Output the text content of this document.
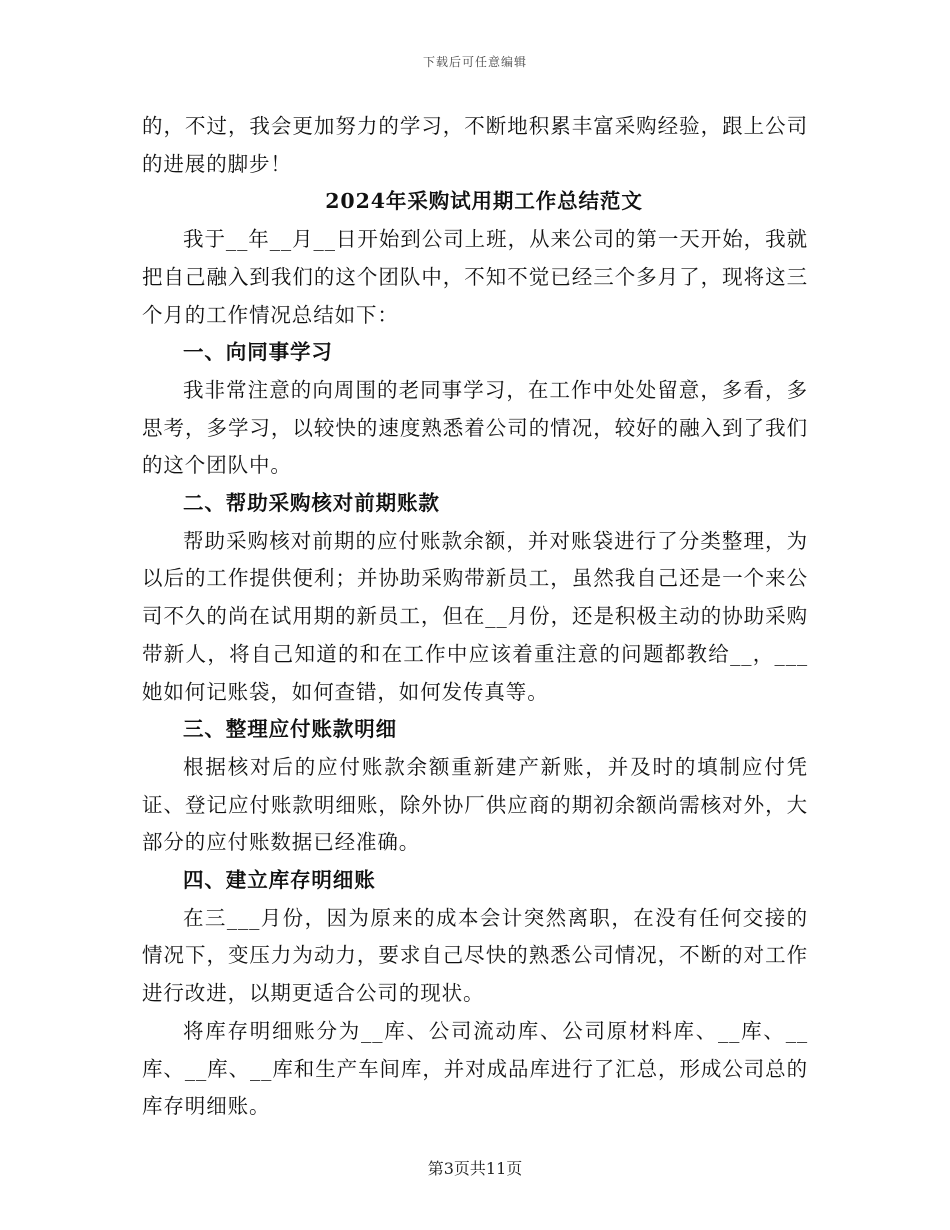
下载后可任意编辑

的，不过，我会更加努力的学习，不断地积累丰富采购经验，跟上公司的进展的脚步！

2024年采购试用期工作总结范文

我于__年__月__日开始到公司上班，从来公司的第一天开始，我就把自己融入到我们的这个团队中，不知不觉已经三个多月了，现将这三个月的工作情况总结如下：

一、向同事学习

我非常注意的向周围的老同事学习，在工作中处处留意，多看，多思考，多学习，以较快的速度熟悉着公司的情况，较好的融入到了我们的这个团队中。

二、帮助采购核对前期账款

帮助采购核对前期的应付账款余额，并对账袋进行了分类整理，为以后的工作提供便利；并协助采购带新员工，虽然我自己还是一个来公司不久的尚在试用期的新员工，但在__月份，还是积极主动的协助采购带新人，将自己知道的和在工作中应该着重注意的问题都教给__，___她如何记账袋，如何查错，如何发传真等。

三、整理应付账款明细

根据核对后的应付账款余额重新建产新账，并及时的填制应付凭证、登记应付账款明细账，除外协厂供应商的期初余额尚需核对外，大部分的应付账数据已经准确。

四、建立库存明细账

在三___月份，因为原来的成本会计突然离职，在没有任何交接的情况下，变压力为动力，要求自己尽快的熟悉公司情况，不断的对工作进行改进，以期更适合公司的现状。

将库存明细账分为__库、公司流动库、公司原材料库、__库、__库、__库、__库和生产车间库，并对成品库进行了汇总，形成公司总的库存明细账。

第3页共11页
